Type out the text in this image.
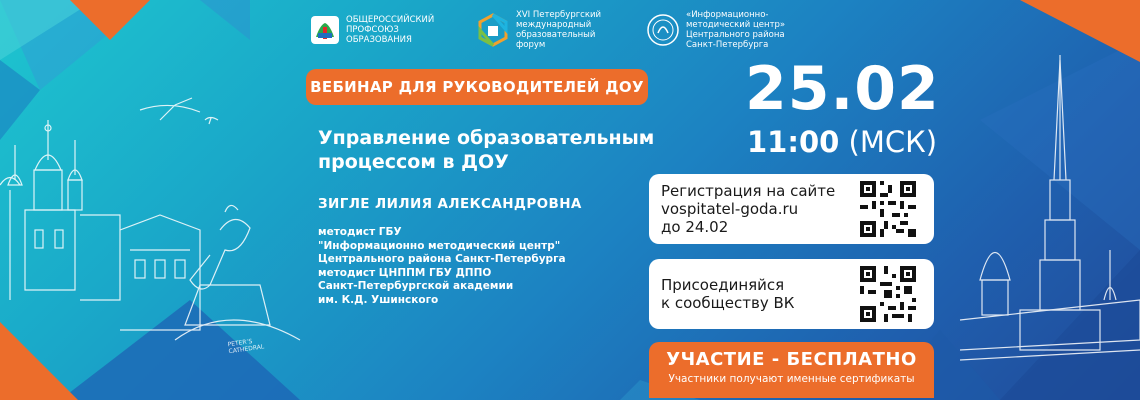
ОБЩЕРОССИЙСКИЙ ПРОФСОЮЗ ОБРАЗОВАНИЯ
XVI Петербургский международный образовательный форум
«Информационно-методический центр» Центрального района Санкт-Петербурга
ВЕБИНАР ДЛЯ РУКОВОДИТЕЛЕЙ ДОУ
Управление образовательным процессом в ДОУ
ЗИГЛЕ ЛИЛИЯ АЛЕКСАНДРОВНА
методист ГБУ
"Информационно методический центр"
Центрального района Санкт-Петербурга
методист ЦНППМ ГБУ ДППО
Санкт-Петербургской академии
им. К.Д. Ушинского
25.02
11:00 (МСК)
Регистрация на сайте
vospitatel-goda.ru
до 24.02
Присоединяйся
к сообществу ВК
УЧАСТИЕ - БЕСПЛАТНО
Участники получают именные сертификаты
PETER’S CATHEDRAL
